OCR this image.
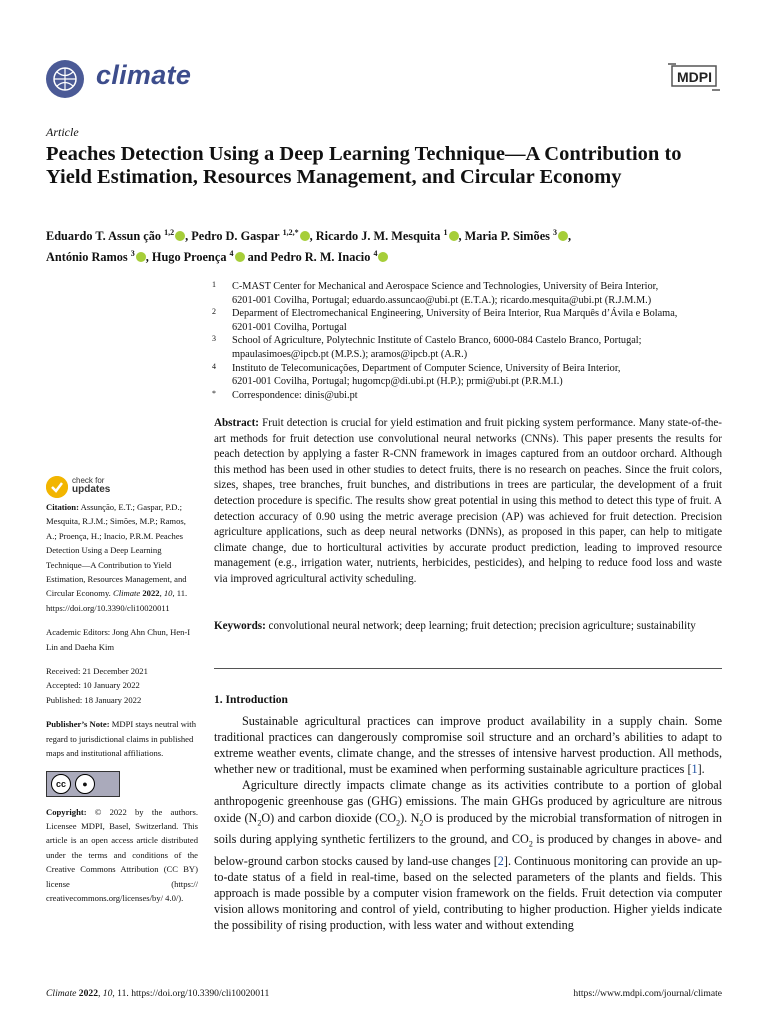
climate	MDPI
Article
Peaches Detection Using a Deep Learning Technique—A Contribution to Yield Estimation, Resources Management, and Circular Economy
Eduardo T. Assun ção $^{1,2}$ , Pedro D. Gaspar $^{1,2,*}$ , Ricardo J. M. Mesquita $^1$ , Maria P. Simões $^3$ ,
António Ramos $^3$ , Hugo Proença $^4$ and Pedro R. M. Inacio $^4$
1 C-MAST Center for Mechanical and Aerospace Science and Technologies, University of Beira Interior,
6201-001 Covilha, Portugal; eduardo.assuncao@ubi.pt (E.T.A.); ricardo.mesquita@ubi.pt (R.J.M.M.)
2 Deparment of Electromechanical Engineering, University of Beira Interior, Rua Marquês d’Ávila e Bolama,
6201-001 Covilha, Portugal
3 School of Agriculture, Polytechnic Institute of Castelo Branco, 6000-084 Castelo Branco, Portugal;
mpaulasimoes@ipcb.pt (M.P.S.); aramos@ipcb.pt (A.R.)
4 Instituto de Telecomunicações, Department of Computer Science, University of Beira Interior,
6201-001 Covilha, Portugal; hugomcp@di.ubi.pt (H.P.); prmi@ubi.pt (P.R.M.I.)
* Correspondence: dinis@ubi.pt
Abstract: Fruit detection is crucial for yield estimation and fruit picking system performance. Many state-of-the-art methods for fruit detection use convolutional neural networks (CNNs). This paper presents the results for peach detection by applying a faster R-CNN framework in images captured from an outdoor orchard. Although this method has been used in other studies to detect fruits, there is no research on peaches. Since the fruit colors, sizes, shapes, tree branches, fruit bunches, and distributions in trees are particular, the development of a fruit detection procedure is specific. The results show great potential in using this method to detect this type of fruit. A detection accuracy of 0.90 using the metric average precision (AP) was achieved for fruit detection. Precision agriculture applications, such as deep neural networks (DNNs), as proposed in this paper, can help to mitigate climate change, due to horticultural activities by accurate product prediction, leading to improved resource management (e.g., irrigation water, nutrients, herbicides, pesticides), and helping to reduce food loss and waste via improved agricultural activity scheduling.
Keywords: convolutional neural network; deep learning; fruit detection; precision agriculture; sustainability
check for
updates
Citation: Assunção, E.T.; Gaspar, P.D.; Mesquita, R.J.M.; Simões, M.P.; Ramos, A.; Proença, H.; Inacio, P.R.M. Peaches Detection Using a Deep Learning Technique—A Contribution to Yield Estimation, Resources Management, and Circular Economy. Climate 2022, 10, 11. https://doi.org/10.3390/cli10020011
Academic Editors: Jong Ahn Chun, Hen-I Lin and Daeha Kim
Received: 21 December 2021
Accepted: 10 January 2022
Published: 18 January 2022
Publisher’s Note: MDPI stays neutral with regard to jurisdictional claims in published maps and institutional affiliations.
cc	●
Copyright: © 2022 by the authors. Licensee MDPI, Basel, Switzerland. This article is an open access article distributed under the terms and conditions of the Creative Commons Attribution (CC BY) license (https:// creativecommons.org/licenses/by/ 4.0/).
1. Introduction

Sustainable agricultural practices can improve product availability in a supply chain. Some traditional practices can dangerously compromise soil structure and an orchard’s abilities to adapt to extreme weather events, climate change, and the stresses of intensive harvest production. All methods, whether new or traditional, must be examined when performing sustainable agriculture practices [1].

Agriculture directly impacts climate change as its activities contribute to a portion of global anthropogenic greenhouse gas (GHG) emissions. The main GHGs produced by agriculture are nitrous oxide $(N_2O)$ and carbon dioxide $(CO_2)$. $N_2O$ is produced by the microbial transformation of nitrogen in soils during applying synthetic fertilizers to the ground, and $CO_2$ is produced by changes in above- and below-ground carbon stocks caused by land-use changes [2]. Continuous monitoring can provide an up-to-date status of a field in real-time, based on the selected parameters of the plants and fields. This approach is made possible by a computer vision framework on the fields. Fruit detection via computer vision allows monitoring and control of yield, contributing to higher production. Higher yields indicate the possibility of rising production, with less water and without extending

Climate 2022, 10, 11. https://doi.org/10.3390/cli10020011	https://www.mdpi.com/journal/climate
